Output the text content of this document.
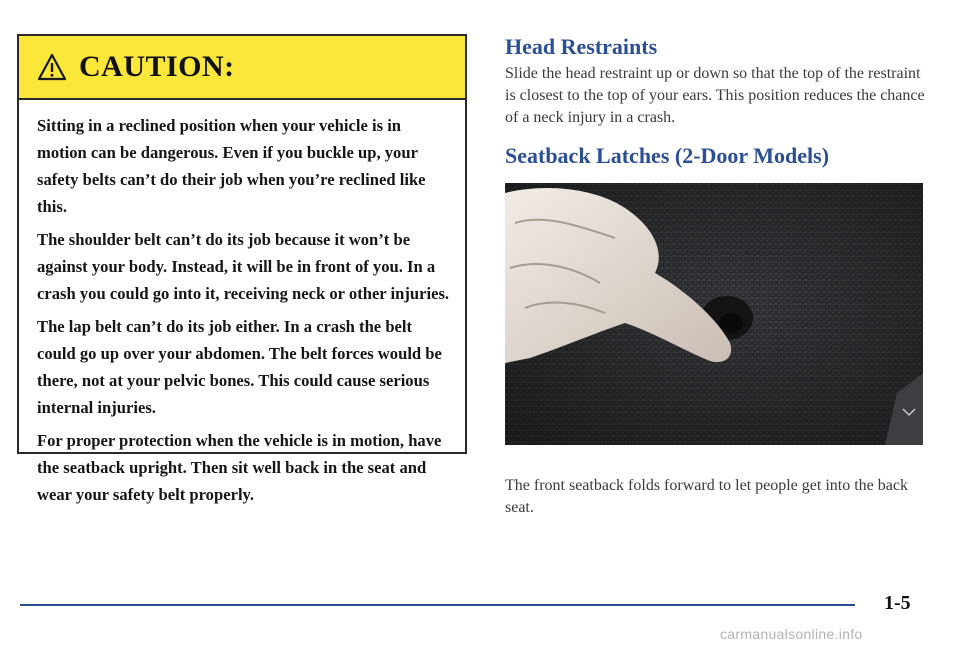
CAUTION:

Sitting in a reclined position when your vehicle is in motion can be dangerous. Even if you buckle up, your safety belts can’t do their job when you’re reclined like this.

The shoulder belt can’t do its job because it won’t be against your body. Instead, it will be in front of you. In a crash you could go into it, receiving neck or other injuries.

The lap belt can’t do its job either. In a crash the belt could go up over your abdomen. The belt forces would be there, not at your pelvic bones. This could cause serious internal injuries.

For proper protection when the vehicle is in motion, have the seatback upright. Then sit well back in the seat and wear your safety belt properly.

Head Restraints

Slide the head restraint up or down so that the top of the restraint is closest to the top of your ears. This position reduces the chance of a neck injury in a crash.

Seatback Latches (2-Door Models)

The front seatback folds forward to let people get into the back seat.

1-5

carmanualsonline.info
